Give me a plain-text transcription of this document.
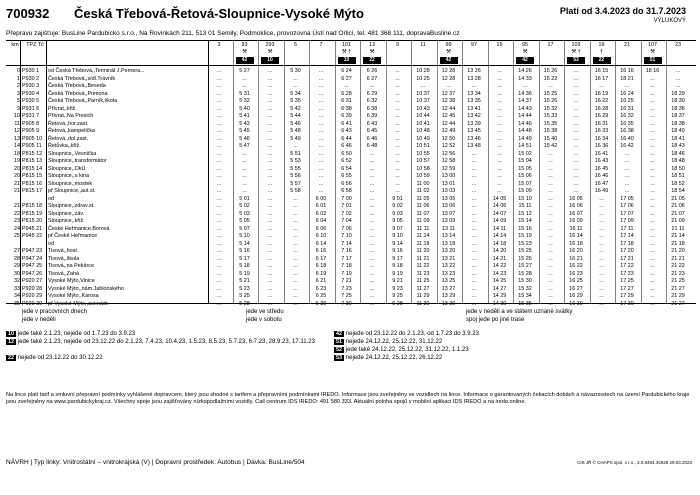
700932 Česká Třebová-Řetová-Sloupnice-Vysoké Mýto	Platí od 3.4.2023 do 31.7.2023
VÝLUKOVÝ
Přepravu zajišťuje: BusLine Pardubicko s.r.o., Na Rovinkách 211, 513 01 Semily, Podmoklice, provozovna Ústí nad Orlicí, tel. 481 368 111, dopravaBusline.cz
km	TPZ Tč	3	93
⚒
42
293
⚒
10
5	7	101
⚒ †
10
13
⚒
22
9	11	99
⚒
42
97	15	95
⚒
42
17	103
⚒ †
53
19
†
22
21	107
⚒
51
23
0 P930 1	od Česká Třebová,,Terminál J.Pernera...	...	5 27	...	5 30	...	6 24	6 26	...	10 28	12 28	13 26	...	14 26	15 26	...	16 15	16 16	18 16	...
1 P930 2	Česká Třebová,,sídl.Trávník	...	...	...	...	...	6 27	6 27	...	10 25	12 28	13 28	...	14 33	15 22	...	16 17	18 21	...	...
2 P930 3	Česká Třebová,,Beseda	...	...	...	...	...	...	...	...	...	...	...	...	...	...	...	...	...	...	...
3 P930 4	Česká Třebová,,Primona	...	5 31	...	5 34	...	6 28	6 29	...	10 37	12 37	13 34	...	14 36	15 25	...	16 19	16 24	...	18 29
5 P930 5	Česká Třebová,,Parník,škola	...	5 32	...	5 35	...	6 31	6 32	...	10 37	12 38	13 35	...	14 37	15 26	...	16 22	16 25	...	18 30
9 P931 6	Přívrat,,křiž.	...	5 40	...	5 42	...	6 38	6 38	...	10 43	12 44	13 41	...	14 43	15 32	...	16 28	16 31	...	18 36
10 P931 7	Přívrat,,Na Presich	...	5 41	...	5 44	...	6 39	6 39	...	10 44	12 45	13 42	...	14 44	15 33	...	16 29	16 32	...	18 37
11 P905 8	Řetová,,hor.zast.	...	5 43	...	5 46	...	6 41	6 43	...	10 41	12 44	13 39	...	14 46	15 35	...	16 31	16 35	...	18 38
12 P905 9	Řetová,,kampelička	...	5 45	...	5 48	...	6 43	6 45	...	10 48	12 49	13 45	...	14 48	15 38	...	16 33	16 38	...	18 40
13 P905 10	Řetová,,dol.zast.	...	5 46	...	5 49	...	6 44	6 46	...	10 49	12 50	13 46	...	14 49	15 40	...	16 34	16 40	...	18 41
14 P905 11	Řetůvka,,křiž.	...	5 47	...	...	...	6 46	6 48	...	10 51	12 52	13 48	...	14 51	15 42	...	16 36	16 42	...	18 43
18 P815 12	Sloupnice,,Vesnička	...	...	...	5 51	...	6 50	...	...	10 55	12 56	...	...	15 02	...	...	16 41	...	...	18 46
19 P815 13	Sloupnice,,transformátor	...	...	...	5 53	...	6 52	...	...	10 57	12 58	...	...	15 04	...	...	16 43	...	...	18 48
20 P815 14	Sloupnice,,OkÚ	...	...	...	5 55	...	6 54	...	...	10 58	12 59	...	...	15 05	...	...	16 45	...	...	18 50
20 P815 15	Sloupnice,,u kina	...	...	...	5 56	...	6 55	...	...	10 59	13 00	...	...	15 06	...	...	16 46	...	...	18 51
21 P815 16	Sloupnice,,mostek	...	...	...	5 57	...	6 56	...	...	11 00	13 01	...	...	15 07	...	...	16 47	...	...	18 52
21 P815 17	př Sloupnice,,aut.st.	...	...	...	5 58	...	6 58	...	...	11 02	13 03	...	...	15 09	...	...	16 49	...	...	18 54
od	...	5 01	...	...	6 00	7 00	...	9 01	11 05	13 05	...	14 05	15 10	...	16 05	...	17 05	...	21 05
21 P815 18	Sloupnice,,zdrav.st.	...	5 02	...	...	6 01	7 01	...	9 02	11 06	13 06	...	14 06	15 11	...	16 06	...	17 06	...	21 06
22 P815 19	Sloupnice,,záv.	...	5 03	...	...	6 02	7 02	...	9 03	11 07	13 07	...	14 07	15 12	...	16 07	...	17 07	...	21 07
23 P815 20	Sloupnice,,křiž.	...	5 05	...	...	6 04	7 04	...	9 05	11 09	13 09	...	14 09	15 14	...	16 09	...	17 09	...	21 09
24 P945 21	České Heřmanice,Borová	...	5 07	...	...	6 06	7 06	...	9 07	11 11	13 11	...	14 11	15 16	...	16 11	...	17 11	...	21 11
25 P945 22	př České Heřmanice	...	5 10	...	...	6 10	7 10	...	9 10	11 14	13 14	...	14 14	15 19	...	16 14	...	17 14	...	21 14
od	...	5 14	...	...	6 14	7 14	...	9 14	11 18	13 18	...	14 18	15 23	...	16 18	...	17 18	...	21 18
27 P947 23	Tisová,,host.	...	5 16	...	...	6 16	7 16	...	9 16	11 20	13 20	...	14 20	15 25	...	16 20	...	17 20	...	21 20
28 P947 24	Tisová,,škola	...	5 17	...	...	6 17	7 17	...	9 17	11 21	13 21	...	14 21	15 26	...	16 21	...	17 21	...	21 21
29 P947 25	Tisová,,na Pekárce	...	5 18	...	...	6 18	7 18	...	9 18	11 22	13 22	...	14 22	15 27	...	16 22	...	17 22	...	21 22
30 P947 26	Tisová,,Zahá	...	5 19	...	...	6 19	7 19	...	9 19	11 23	13 23	...	14 23	15 28	...	16 23	...	17 23	...	21 23
32 P920 27	Vysoké Mýto,Vinice	...	5 21	...	...	6 21	7 21	...	9 21	11 25	13 25	...	14 25	15 30	...	16 25	...	17 25	...	21 25
33 P920 28	Vysoké Mýto,,nám.Jablonského	...	5 23	...	...	6 23	7 23	...	9 23	11 27	13 27	...	14 27	15 32	...	16 27	...	17 27	...	21 27
34 P920 29	Vysoké Mýto,,Karosa	...	5 25	...	...	6 25	7 25	...	9 25	11 29	13 29	...	14 29	15 34	...	16 29	...	17 29	...	21 29
35 P920 30	př Vysoké Mýto,,aut.nádr.	...	5 28	...	...	6 30	7 30	...	9 28	11 30	13 30	...	14 30	15 35	...	16 30	...	17 30	...	21 27
jede v pracovních dnech
jede v neděli
jede ve středu
jede v sobotu
jede v neděli a ve státem uznané svátky
spoj jede po jiné trase
10 jede také 2.1.23, nejede od 1.7.23 do 3.9.23
12 jede také 2.1.23, nejede od 23.12.22 do 2.1.23, 7.4.23, 10.4.23, 1.5.23, 8.5.23, 5.7.23, 6.7.23, 28.9.23, 17.11.23
22 nejede od 23.12.22 do 30.12.22
42 nejede od 23.12.22 do 2.1.23, od 1.7.23 do 3.9.23
51 nejede 24.12.22, 25.12.22, 31.12.22
52 jede také 24.12.22, 25.12.22, 31.12.22, 1.1.23
53 nejede 24.12.22, 25.12.22, 26.12.22
Na lince platí tarif a smluvní přepravní podmínky vyhlášené dopravcem, který jsou shodné s tarifem a přepravními podmínkami IREDO. Informace jsou zveřejněny ve vozidlech na lince. Informace o garantovaných čekacích dobách a návaznostech na území Pardubického kraje jsou zveřejněny na www.pardubickykraj.cz. Všechny spoje jsou zajišťovány nízkopodlažními vozidly. Call centrum IDS IREDO: 491 580 333. Aktuální poloha spojů v mobilní aplikaci IDS IREDO a na iredo.online.
NÁVRH | Typ linky: Vnitrostátní – vnitrokrajská (V) | Dopravní prostředek: Autobus | Dávka: BusLine/504	CIS JŘ © CHAPS spol. s r.o., 3.0.8484.34928 29.03.2023
